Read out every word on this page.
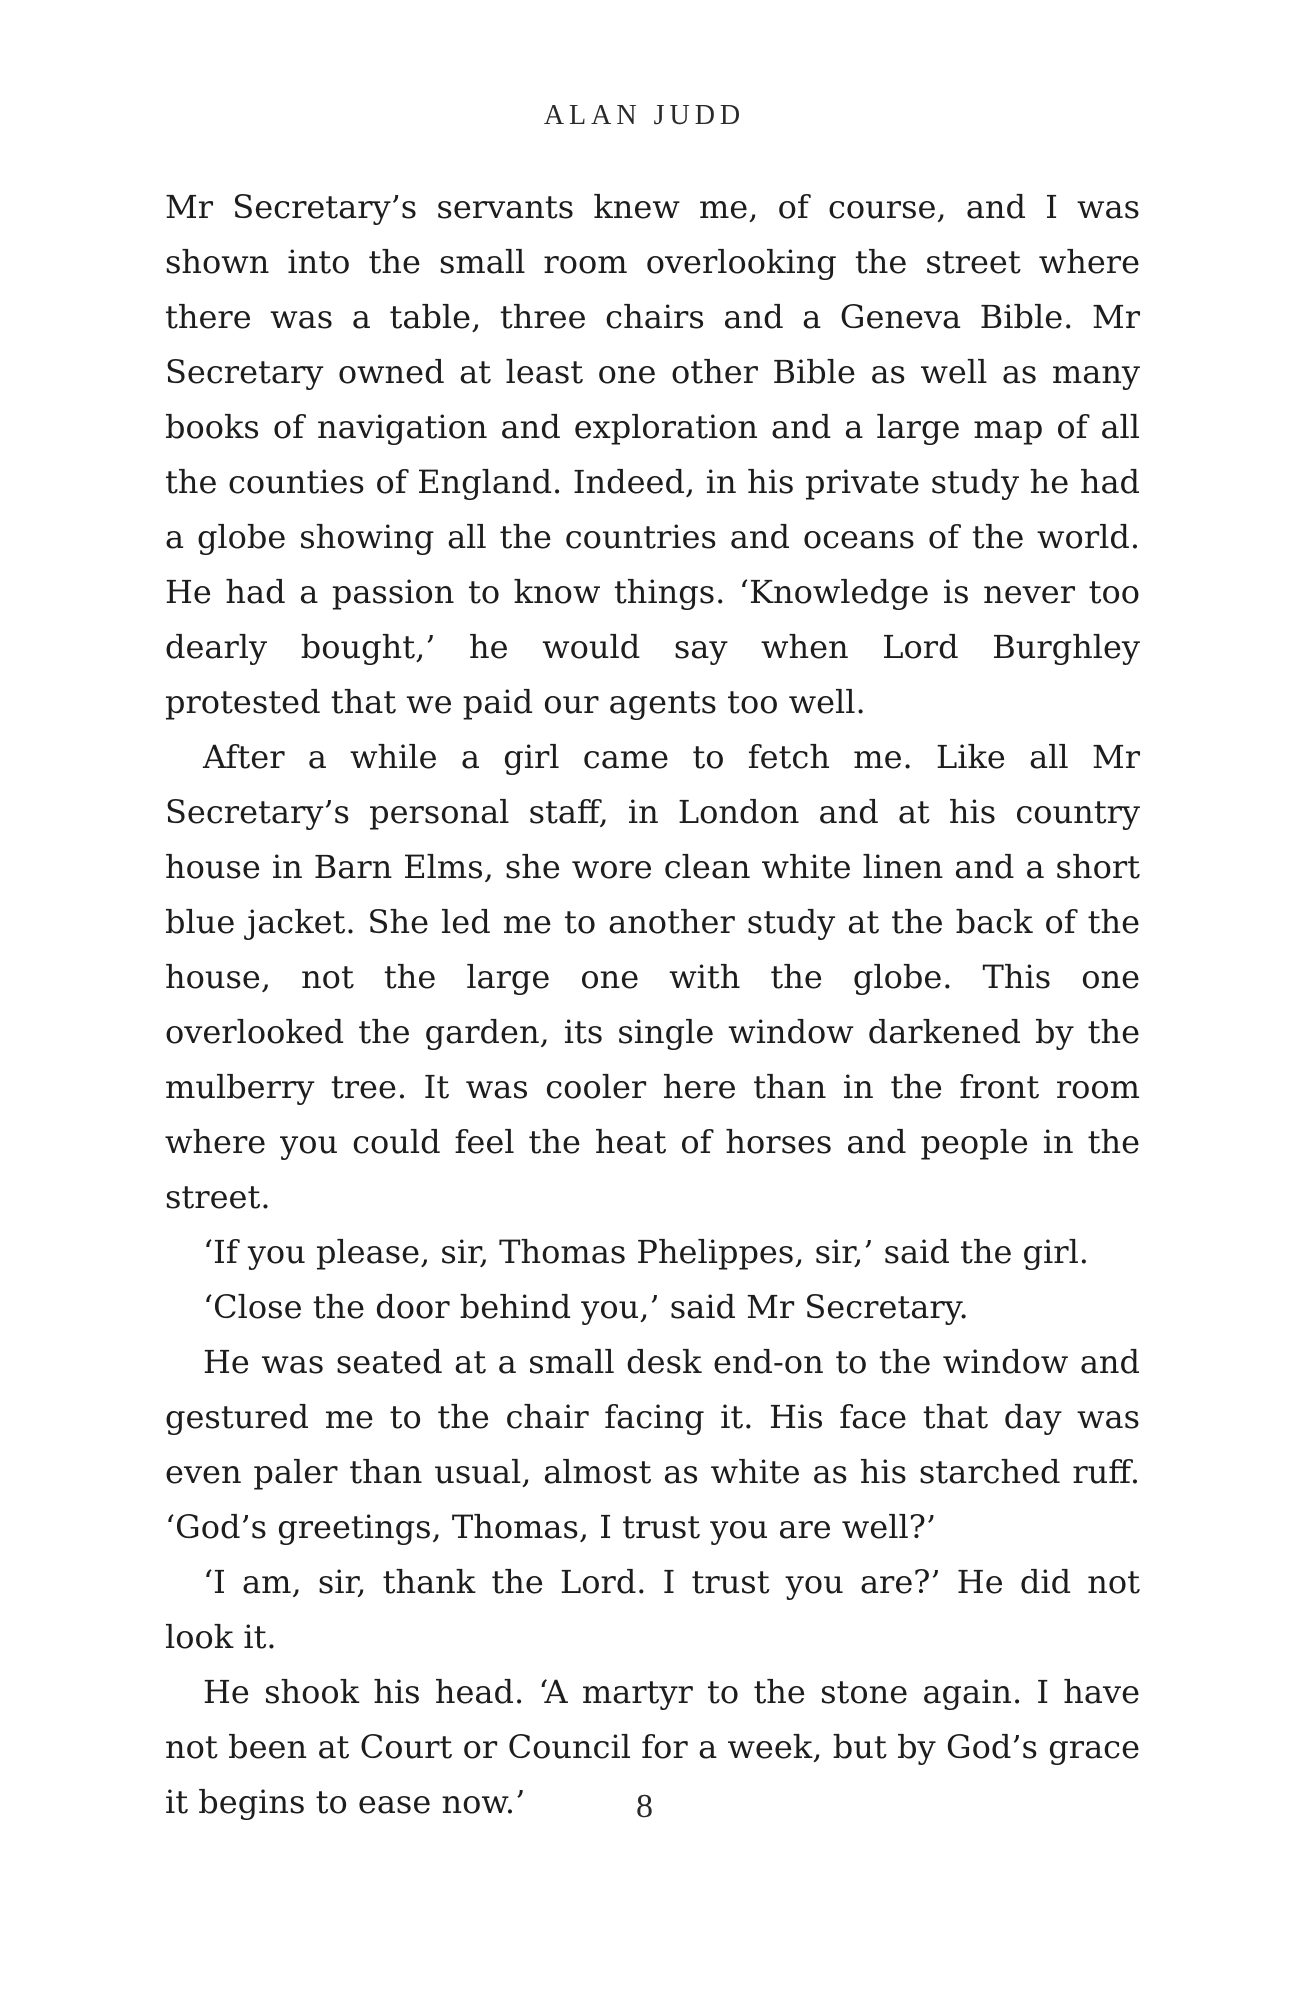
ALAN JUDD

Mr Secretary’s servants knew me, of course, and I was shown into the small room overlooking the street where there was a table, three chairs and a Geneva Bible. Mr Secretary owned at least one other Bible as well as many books of navigation and exploration and a large map of all the counties of England. Indeed, in his private study he had a globe showing all the countries and oceans of the world. He had a passion to know things. ‘Knowledge is never too dearly bought,’ he would say when Lord Burghley protested that we paid our agents too well.

After a while a girl came to fetch me. Like all Mr Secretary’s personal staff, in London and at his country house in Barn Elms, she wore clean white linen and a short blue jacket. She led me to another study at the back of the house, not the large one with the globe. This one overlooked the garden, its single window darkened by the mulberry tree. It was cooler here than in the front room where you could feel the heat of horses and people in the street.

‘If you please, sir, Thomas Phelippes, sir,’ said the girl.

‘Close the door behind you,’ said Mr Secretary.

He was seated at a small desk end-on to the window and gestured me to the chair facing it. His face that day was even paler than usual, almost as white as his starched ruff. ‘God’s greetings, Thomas, I trust you are well?’

‘I am, sir, thank the Lord. I trust you are?’ He did not look it.

He shook his head. ‘A martyr to the stone again. I have not been at Court or Council for a week, but by God’s grace it begins to ease now.’	8
